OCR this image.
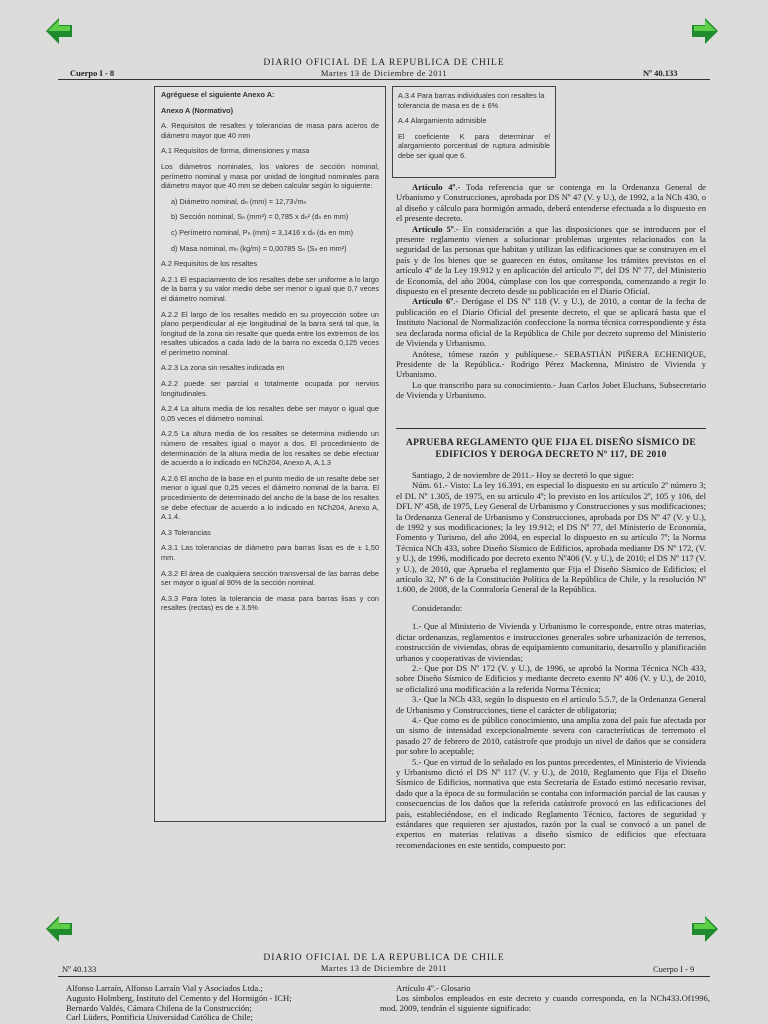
DIARIO OFICIAL DE LA REPUBLICA DE CHILE
Martes 13 de Diciembre de 2011
Cuerpo I - 8	Nº 40.133
Agréguese el siguiente Anexo A:
Anexo A (Normativo)
A. Requisitos de resaltes y tolerancias de masa para aceros de diámetro mayor que 40 mm
A.1 Requisitos de forma, dimensiones y masa
Los diámetros nominales, los valores de sección nominal, perímetro nominal y masa por unidad de longitud nominales para diámetro mayor que 40 mm se deben calcular según lo siguiente:
a) Diámetro nominal, dₙ (mm) = 12,73√mₙ
b) Sección nominal, Sₙ (mm²) = 0,785 x dₙ² (dₙ en mm)
c) Perímetro nominal, Pₙ (mm) = 3,1416 x dₙ (dₙ en mm)
d) Masa nominal, mₙ (kg/m) = 0,00785 Sₙ (Sₙ en mm²)
A.2 Requisitos de los resaltes
A.2.1 El espaciamiento de los resaltes debe ser uniforme a lo largo de la barra y su valor medio debe ser menor o igual que 0,7 veces el diámetro nominal.
A.2.2 El largo de los resaltes medido en su proyección sobre un plano perpendicular al eje longitudinal de la barra será tal que, la longitud de la zona sin resalte que queda entre los extremos de los resaltes ubicados a cada lado de la barra no exceda 0,125 veces el perímetro nominal.
A.2.3 La zona sin resaltes indicada en
A.2.2 puede ser parcial o totalmente ocupada por nervios longitudinales.
A.2.4 La altura media de los resaltes debe ser mayor o igual que 0,05 veces el diámetro nominal.
A.2.5 La altura media de los resaltes se determina midiendo un número de resaltes igual o mayor a dos. El procedimiento de determinación de la altura media de los resaltes se debe efectuar de acuerdo a lo indicado en NCh204, Anexo A, A.1.3
A.2.6 El ancho de la base en el punto medio de un resalte debe ser menor o igual que 0,25 veces el diámetro nominal de la barra. El procedimiento de determinado del ancho de la base de los resaltes se debe efectuar de acuerdo a lo indicado en NCh204, Anexo A, A.1.4.
A.3 Tolerancias
A.3.1 Las tolerancias de diámetro para barras lisas es de ± 1,50 mm.
A.3.2 El área de cualquiera sección transversal de las barras debe ser mayor o igual al 90% de la sección nominal.
A.3.3 Para lotes la tolerancia de masa para barras lisas y con resaltes (rectas) es de ± 3.5%
A.3.4 Para barras individuales con resaltes la tolerancia de masa es de ± 6%
A.4 Alargamiento admisible
El coeficiente K para determinar el alargamiento porcentual de ruptura admisible debe ser igual que 6.
Artículo 4º.- Toda referencia que se contenga en la Ordenanza General de Urbanismo y Construcciones, aprobada por DS Nº 47 (V. y U.), de 1992, a la NCh 430, o al diseño y cálculo para hormigón armado, deberá entenderse efectuada a lo dispuesto en el presente decreto.
Artículo 5º.- En consideración a que las disposiciones que se introducen por el presente reglamento vienen a solucionar problemas urgentes relacionados con la seguridad de las personas que habitan y utilizan las edificaciones que se construyen en el país y de los bienes que se guarecen en éstos, omítanse los trámites previstos en el artículo 4º de la Ley 19.912 y en aplicación del artículo 7º, del DS Nº 77, del Ministerio de Economía, del año 2004, cúmplase con los que corresponda, comenzando a regir lo dispuesto en el presente decreto desde su publicación en el Diario Oficial.
Artículo 6º.- Derógase el DS Nº 118 (V. y U.), de 2010, a contar de la fecha de publicación en el Diario Oficial del presente decreto, el que se aplicará hasta que el Instituto Nacional de Normalización confeccione la norma técnica correspondiente y ésta sea declarada norma oficial de la República de Chile por decreto supremo del Ministerio de Vivienda y Urbanismo.
Anótese, tómese razón y publíquese.- SEBASTIÁN PIÑERA ECHENIQUE, Presidente de la República.- Rodrigo Pérez Mackenna, Ministro de Vivienda y Urbanismo.
Lo que transcribo para su conocimiento.- Juan Carlos Jobet Eluchans, Subsecretario de Vivienda y Urbanismo.
APRUEBA REGLAMENTO QUE FIJA EL DISEÑO SÍSMICO DE EDIFICIOS Y DEROGA DECRETO Nº 117, DE 2010
Santiago, 2 de noviembre de 2011.- Hoy se decretó lo que sigue:
Núm. 61.- Visto: La ley 16.391, en especial lo dispuesto en su artículo 2º número 3; el DL Nº 1.305, de 1975, en su artículo 4º; lo previsto en los artículos 2º, 105 y 106, del DFL Nº 458, de 1975, Ley General de Urbanismo y Construcciones y sus modificaciones; la Ordenanza General de Urbanismo y Construcciones, aprobada por DS Nº 47 (V. y U.), de 1992 y sus modificaciones; la ley 19.912; el DS Nº 77, del Ministerio de Economía, Fomento y Turismo, del año 2004, en especial lo dispuesto en su artículo 7º; la Norma Técnica NCh 433, sobre Diseño Sísmico de Edificios, aprobada mediante DS Nº 172, (V. y U.), de 1996, modificado por decreto exento Nº406 (V. y U.), de 2010; el DS Nº 117 (V. y U.), de 2010, que Aprueba el reglamento que Fija el Diseño Sísmico de Edificios; el artículo 32, Nº 6 de la Constitución Política de la República de Chile, y la resolución Nº 1.600, de 2008, de la Contraloría General de la República.
Considerando:
1.- Que al Ministerio de Vivienda y Urbanismo le corresponde, entre otras materias, dictar ordenanzas, reglamentos e instrucciones generales sobre urbanización de terrenos, construcción de viviendas, obras de equipamiento comunitario, desarrollo y planificación urbanos y cooperativas de viviendas;
2.- Que por DS Nº 172 (V. y U.), de 1996, se aprobó la Norma Técnica NCh 433, sobre Diseño Sísmico de Edificios y mediante decreto exento Nº 406 (V. y U.), de 2010, se oficializó una modificación a la referida Norma Técnica;
3.- Que la NCh 433, según lo dispuesto en el artículo 5.5.7, de la Ordenanza General de Urbanismo y Construcciones, tiene el carácter de obligatoria;
4.- Que como es de público conocimiento, una amplia zona del país fue afectada por un sismo de intensidad excepcionalmente severa con características de terremoto el pasado 27 de febrero de 2010, catástrofe que produjo un nivel de daños que se considera por sobre lo aceptable;
5.- Que en virtud de lo señalado en los puntos precedentes, el Ministerio de Vivienda y Urbanismo dictó el DS Nº 117 (V. y U.), de 2010, Reglamento que Fija el Diseño Sísmico de Edificios, normativa que esta Secretaría de Estado estimó necesario revisar, dado que a la época de su formulación se contaba con información parcial de las causas y consecuencias de los daños que la referida catástrofe provocó en las edificaciones del país, estableciéndose, en el indicado Reglamento Técnico, factores de seguridad y estándares que requieren ser ajustados, razón por la cual se convocó a un panel de expertos en materias relativas a diseño sísmico de edificios que efectuara recomendaciones en este sentido, compuesto por:
DIARIO OFICIAL DE LA REPUBLICA DE CHILE
Martes 13 de Diciembre de 2011
Nº 40.133	Cuerpo I - 9
Alfonso Larraín, Alfonso Larraín Vial y Asociados Ltda.;
Augusto Holmberg, Instituto del Cemento y del Hormigón - ICH;
Bernardo Valdés, Cámara Chilena de la Construcción;
Carl Lüders, Pontificia Universidad Católica de Chile;
Artículo 4º.- Glosario
Los símbolos empleados en este decreto y cuando corresponda, en la NCh433.Of1996, mod. 2009, tendrán el siguiente significado:
